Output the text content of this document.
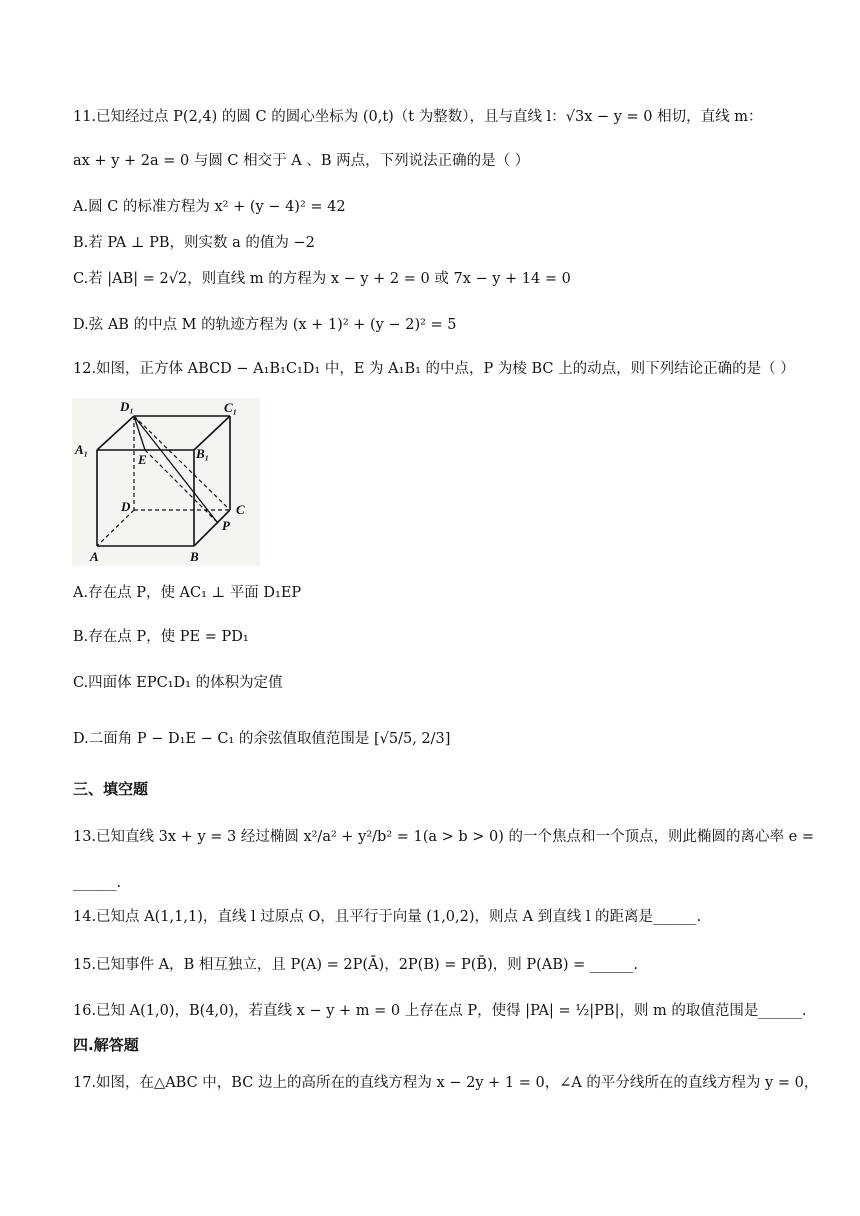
11.已知经过点 P(2,4) 的圆 C 的圆心坐标为 (0,t)（t 为整数），且与直线 l：√3x − y = 0 相切，直线 m：
ax + y + 2a = 0 与圆 C 相交于 A 、B 两点，下列说法正确的是（ ）
A.圆 C 的标准方程为 x² + (y − 4)² = 42
B.若 PA ⊥ PB，则实数 a 的值为 −2
C.若 |AB| = 2√2，则直线 m 的方程为 x − y + 2 = 0 或 7x − y + 14 = 0
D.弦 AB 的中点 M 的轨迹方程为 (x + 1)² + (y − 2)² = 5
12.如图，正方体 ABCD − A₁B₁C₁D₁ 中，E 为 A₁B₁ 的中点，P 为棱 BC 上的动点，则下列结论正确的是（ ）
D₁	C₁
A₁	B₁
E
D	C
P
A	B
A.存在点 P，使 AC₁ ⊥ 平面 D₁EP
B.存在点 P，使 PE = PD₁
C.四面体 EPC₁D₁ 的体积为定值
D.二面角 P − D₁E − C₁ 的余弦值取值范围是 [√5/5, 2/3]
三、填空题
13.已知直线 3x + y = 3 经过椭圆 x²/a² + y²/b² = 1(a > b > 0) 的一个焦点和一个顶点，则此椭圆的离心率 e =
______.
14.已知点 A(1,1,1)，直线 l 过原点 O，且平行于向量 (1,0,2)，则点 A 到直线 l 的距离是______.
15.已知事件 A，B 相互独立，且 P(A) = 2P(Ā)，2P(B) = P(B̄)，则 P(AB) = ______.
16.已知 A(1,0)，B(4,0)，若直线 x − y + m = 0 上存在点 P，使得 |PA| = ½|PB|，则 m 的取值范围是______.
四.解答题
17.如图，在△ABC 中，BC 边上的高所在的直线方程为 x − 2y + 1 = 0，∠A 的平分线所在的直线方程为 y = 0，
